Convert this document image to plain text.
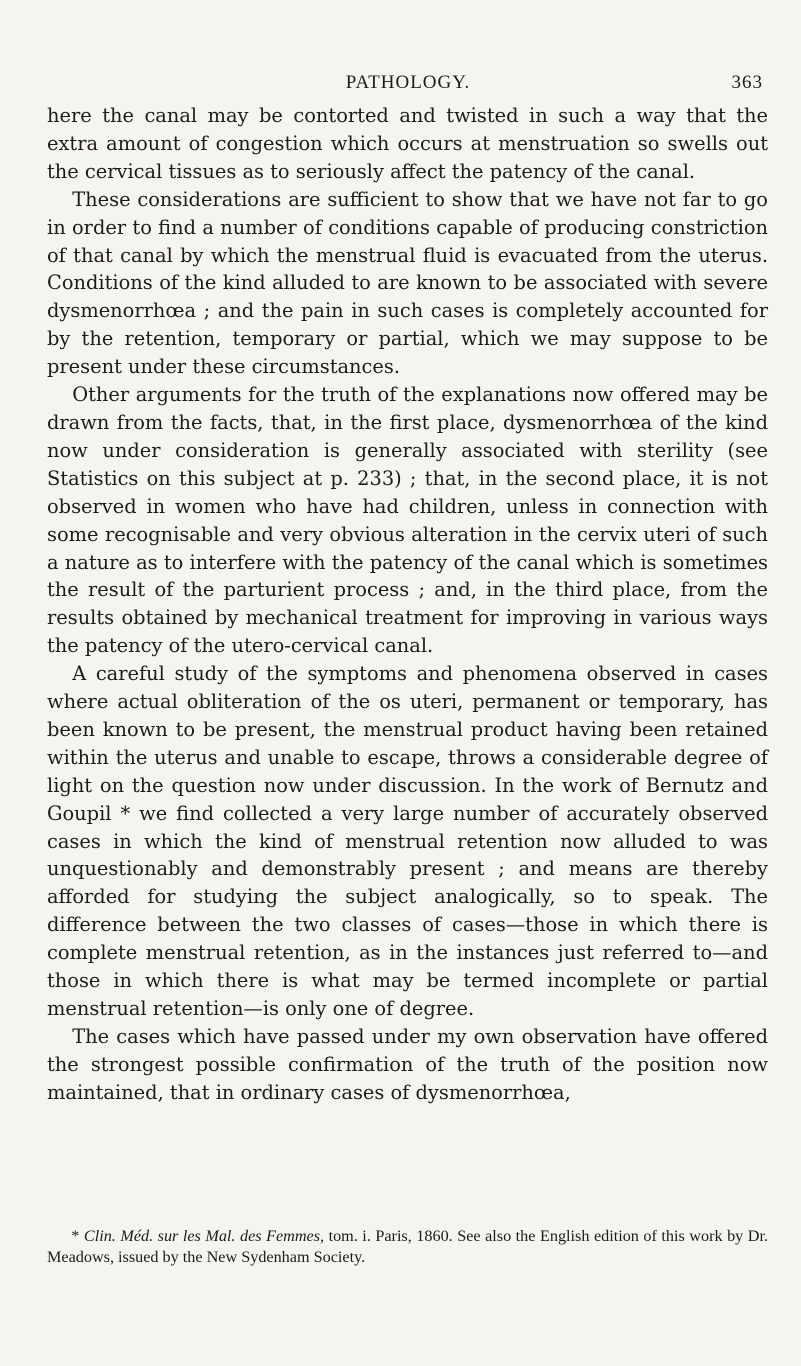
PATHOLOGY.	363

here the canal may be contorted and twisted in such a way that the extra amount of congestion which occurs at menstruation so swells out the cervical tissues as to seriously affect the patency of the canal.

These considerations are sufficient to show that we have not far to go in order to find a number of conditions capable of producing constriction of that canal by which the menstrual fluid is evacuated from the uterus. Conditions of the kind alluded to are known to be associated with severe dysmenorrhœa ; and the pain in such cases is completely accounted for by the retention, temporary or partial, which we may suppose to be present under these circumstances.

Other arguments for the truth of the explanations now offered may be drawn from the facts, that, in the first place, dysmenorrhœa of the kind now under consideration is generally associated with sterility (see Statistics on this subject at p. 233) ; that, in the second place, it is not observed in women who have had children, unless in connection with some recognisable and very obvious alteration in the cervix uteri of such a nature as to interfere with the patency of the canal which is sometimes the result of the parturient process ; and, in the third place, from the results obtained by mechanical treatment for improving in various ways the patency of the utero-cervical canal.

A careful study of the symptoms and phenomena observed in cases where actual obliteration of the os uteri, permanent or temporary, has been known to be present, the menstrual product having been retained within the uterus and unable to escape, throws a considerable degree of light on the question now under discussion. In the work of Bernutz and Goupil * we find collected a very large number of accurately observed cases in which the kind of menstrual retention now alluded to was unquestionably and demonstrably present ; and means are thereby afforded for studying the subject analogically, so to speak. The difference between the two classes of cases—those in which there is complete menstrual retention, as in the instances just referred to—and those in which there is what may be termed incomplete or partial menstrual retention—is only one of degree.

The cases which have passed under my own observation have offered the strongest possible confirmation of the truth of the position now maintained, that in ordinary cases of dysmenorrhœa,

* Clin. Méd. sur les Mal. des Femmes, tom. i. Paris, 1860. See also the English edition of this work by Dr. Meadows, issued by the New Sydenham Society.
